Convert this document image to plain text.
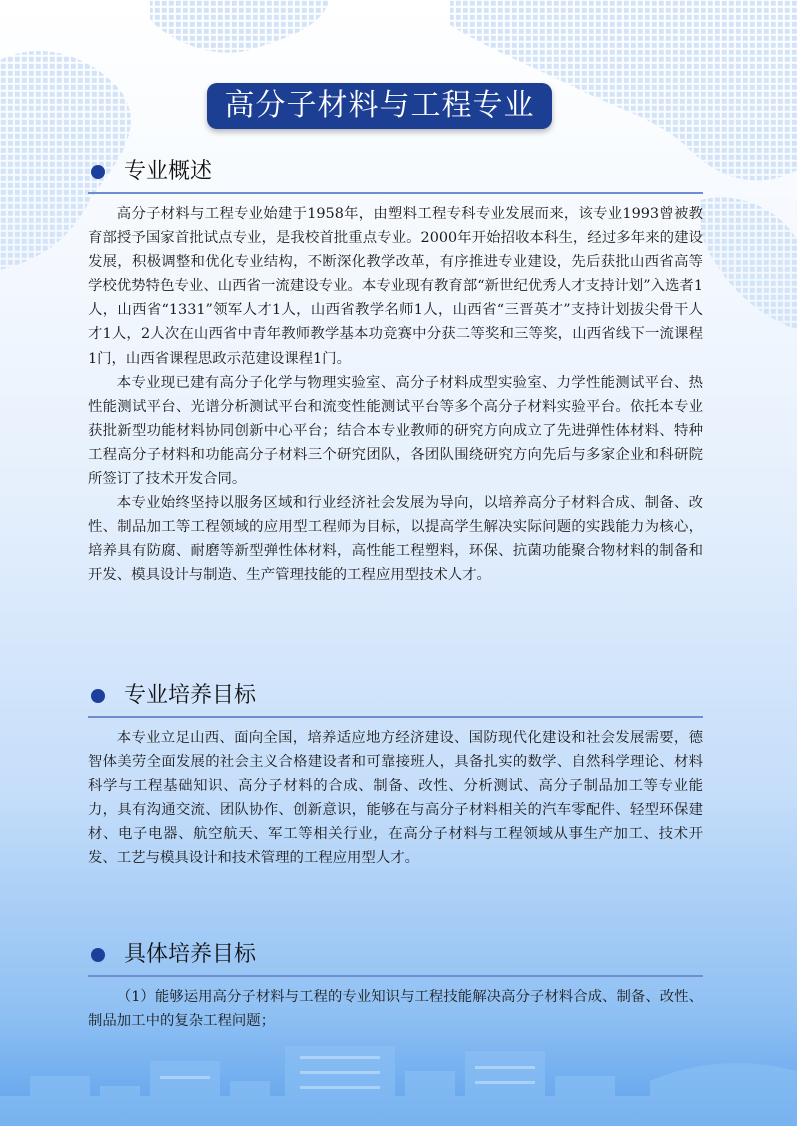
高分子材料与工程专业
专业概述

高分子材料与工程专业始建于1958年，由塑料工程专科专业发展而来，该专业1993曾被教育部授予国家首批试点专业，是我校首批重点专业。2000年开始招收本科生，经过多年来的建设发展，积极调整和优化专业结构，不断深化教学改革，有序推进专业建设，先后获批山西省高等学校优势特色专业、山西省一流建设专业。本专业现有教育部“新世纪优秀人才支持计划”入选者1人，山西省“1331”领军人才1人，山西省教学名师1人，山西省“三晋英才”支持计划拔尖骨干人才1人，2人次在山西省中青年教师教学基本功竞赛中分获二等奖和三等奖，山西省线下一流课程1门，山西省课程思政示范建设课程1门。

本专业现已建有高分子化学与物理实验室、高分子材料成型实验室、力学性能测试平台、热性能测试平台、光谱分析测试平台和流变性能测试平台等多个高分子材料实验平台。依托本专业获批新型功能材料协同创新中心平台；结合本专业教师的研究方向成立了先进弹性体材料、特种工程高分子材料和功能高分子材料三个研究团队，各团队围绕研究方向先后与多家企业和科研院所签订了技术开发合同。

本专业始终坚持以服务区域和行业经济社会发展为导向，以培养高分子材料合成、制备、改性、制品加工等工程领域的应用型工程师为目标，以提高学生解决实际问题的实践能力为核心，培养具有防腐、耐磨等新型弹性体材料，高性能工程塑料，环保、抗菌功能聚合物材料的制备和开发、模具设计与制造、生产管理技能的工程应用型技术人才。

专业培养目标

本专业立足山西、面向全国，培养适应地方经济建设、国防现代化建设和社会发展需要，德智体美劳全面发展的社会主义合格建设者和可靠接班人，具备扎实的数学、自然科学理论、材料科学与工程基础知识、高分子材料的合成、制备、改性、分析测试、高分子制品加工等专业能力，具有沟通交流、团队协作、创新意识，能够在与高分子材料相关的汽车零配件、轻型环保建材、电子电器、航空航天、军工等相关行业，在高分子材料与工程领域从事生产加工、技术开发、工艺与模具设计和技术管理的工程应用型人才。

具体培养目标

（1）能够运用高分子材料与工程的专业知识与工程技能解决高分子材料合成、制备、改性、制品加工中的复杂工程问题；
